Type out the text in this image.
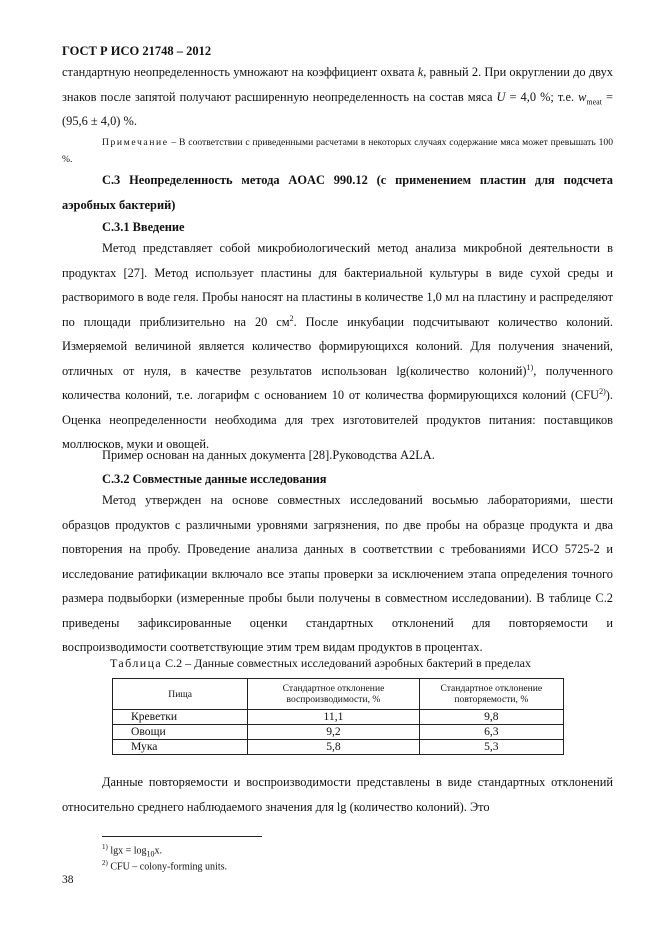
ГОСТ Р ИСО 21748 – 2012

стандартную неопределенность умножают на коэффициент охвата k, равный 2. При округлении до двух знаков после запятой получают расширенную неопределенность на состав мяса U = 4,0 %; т.е. $w_{meat} = (95,6 \pm 4,0)$ %.

Примечание – В соответствии с приведенными расчетами в некоторых случаях содержание мяса может превышать 100 %.

С.3 Неопределенность метода AOAC 990.12 (с применением пластин для подсчета аэробных бактерий)

С.3.1 Введение

Метод представляет собой микробиологический метод анализа микробной деятельности в продуктах [27]. Метод использует пластины для бактериальной культуры в виде сухой среды и растворимого в воде геля. Пробы наносят на пластины в количестве 1,0 мл на пластину и распределяют по площади приблизительно на 20 $см^2$. После инкубации подсчитывают количество колоний. Измеряемой величиной является количество формирующихся колоний. Для получения значений, отличных от нуля, в качестве результатов использован lg(количество колоний)$^{1)}$, полученного количества колоний, т.е. логарифм с основанием 10 от количества формирующихся колоний (CFU$^{2)}$). Оценка неопределенности необходима для трех изготовителей продуктов питания: поставщиков моллюсков, муки и овощей.

Пример основан на данных документа [28].Руководства A2LA.

С.3.2 Совместные данные исследования

Метод утвержден на основе совместных исследований восьмью лабораториями, шести образцов продуктов с различными уровнями загрязнения, по две пробы на образце продукта и два повторения на пробу. Проведение анализа данных в соответствии с требованиями ИСО 5725-2 и исследование ратификации включало все этапы проверки за исключением этапа определения точного размера подвыборки (измеренные пробы были получены в совместном исследовании). В таблице С.2 приведены зафиксированные оценки стандартных отклонений для повторяемости и воспроизводимости соответствующие этим трем видам продуктов в процентах.

Таблица С.2 – Данные совместных исследований аэробных бактерий в пределах
Пища	Стандартное отклонение воспроизводимости, %	Стандартное отклонение повторяемости, %
Креветки	11,1	9,8
Овощи	9,2	6,3
Мука	5,8	5,3

Данные повторяемости и воспроизводимости представлены в виде стандартных отклонений относительно среднего наблюдаемого значения для lg (количество колоний). Это

$^{1)}$ $\lg x = \log_{10}x$.
$^{2)}$ CFU – colony-forming units.
38
